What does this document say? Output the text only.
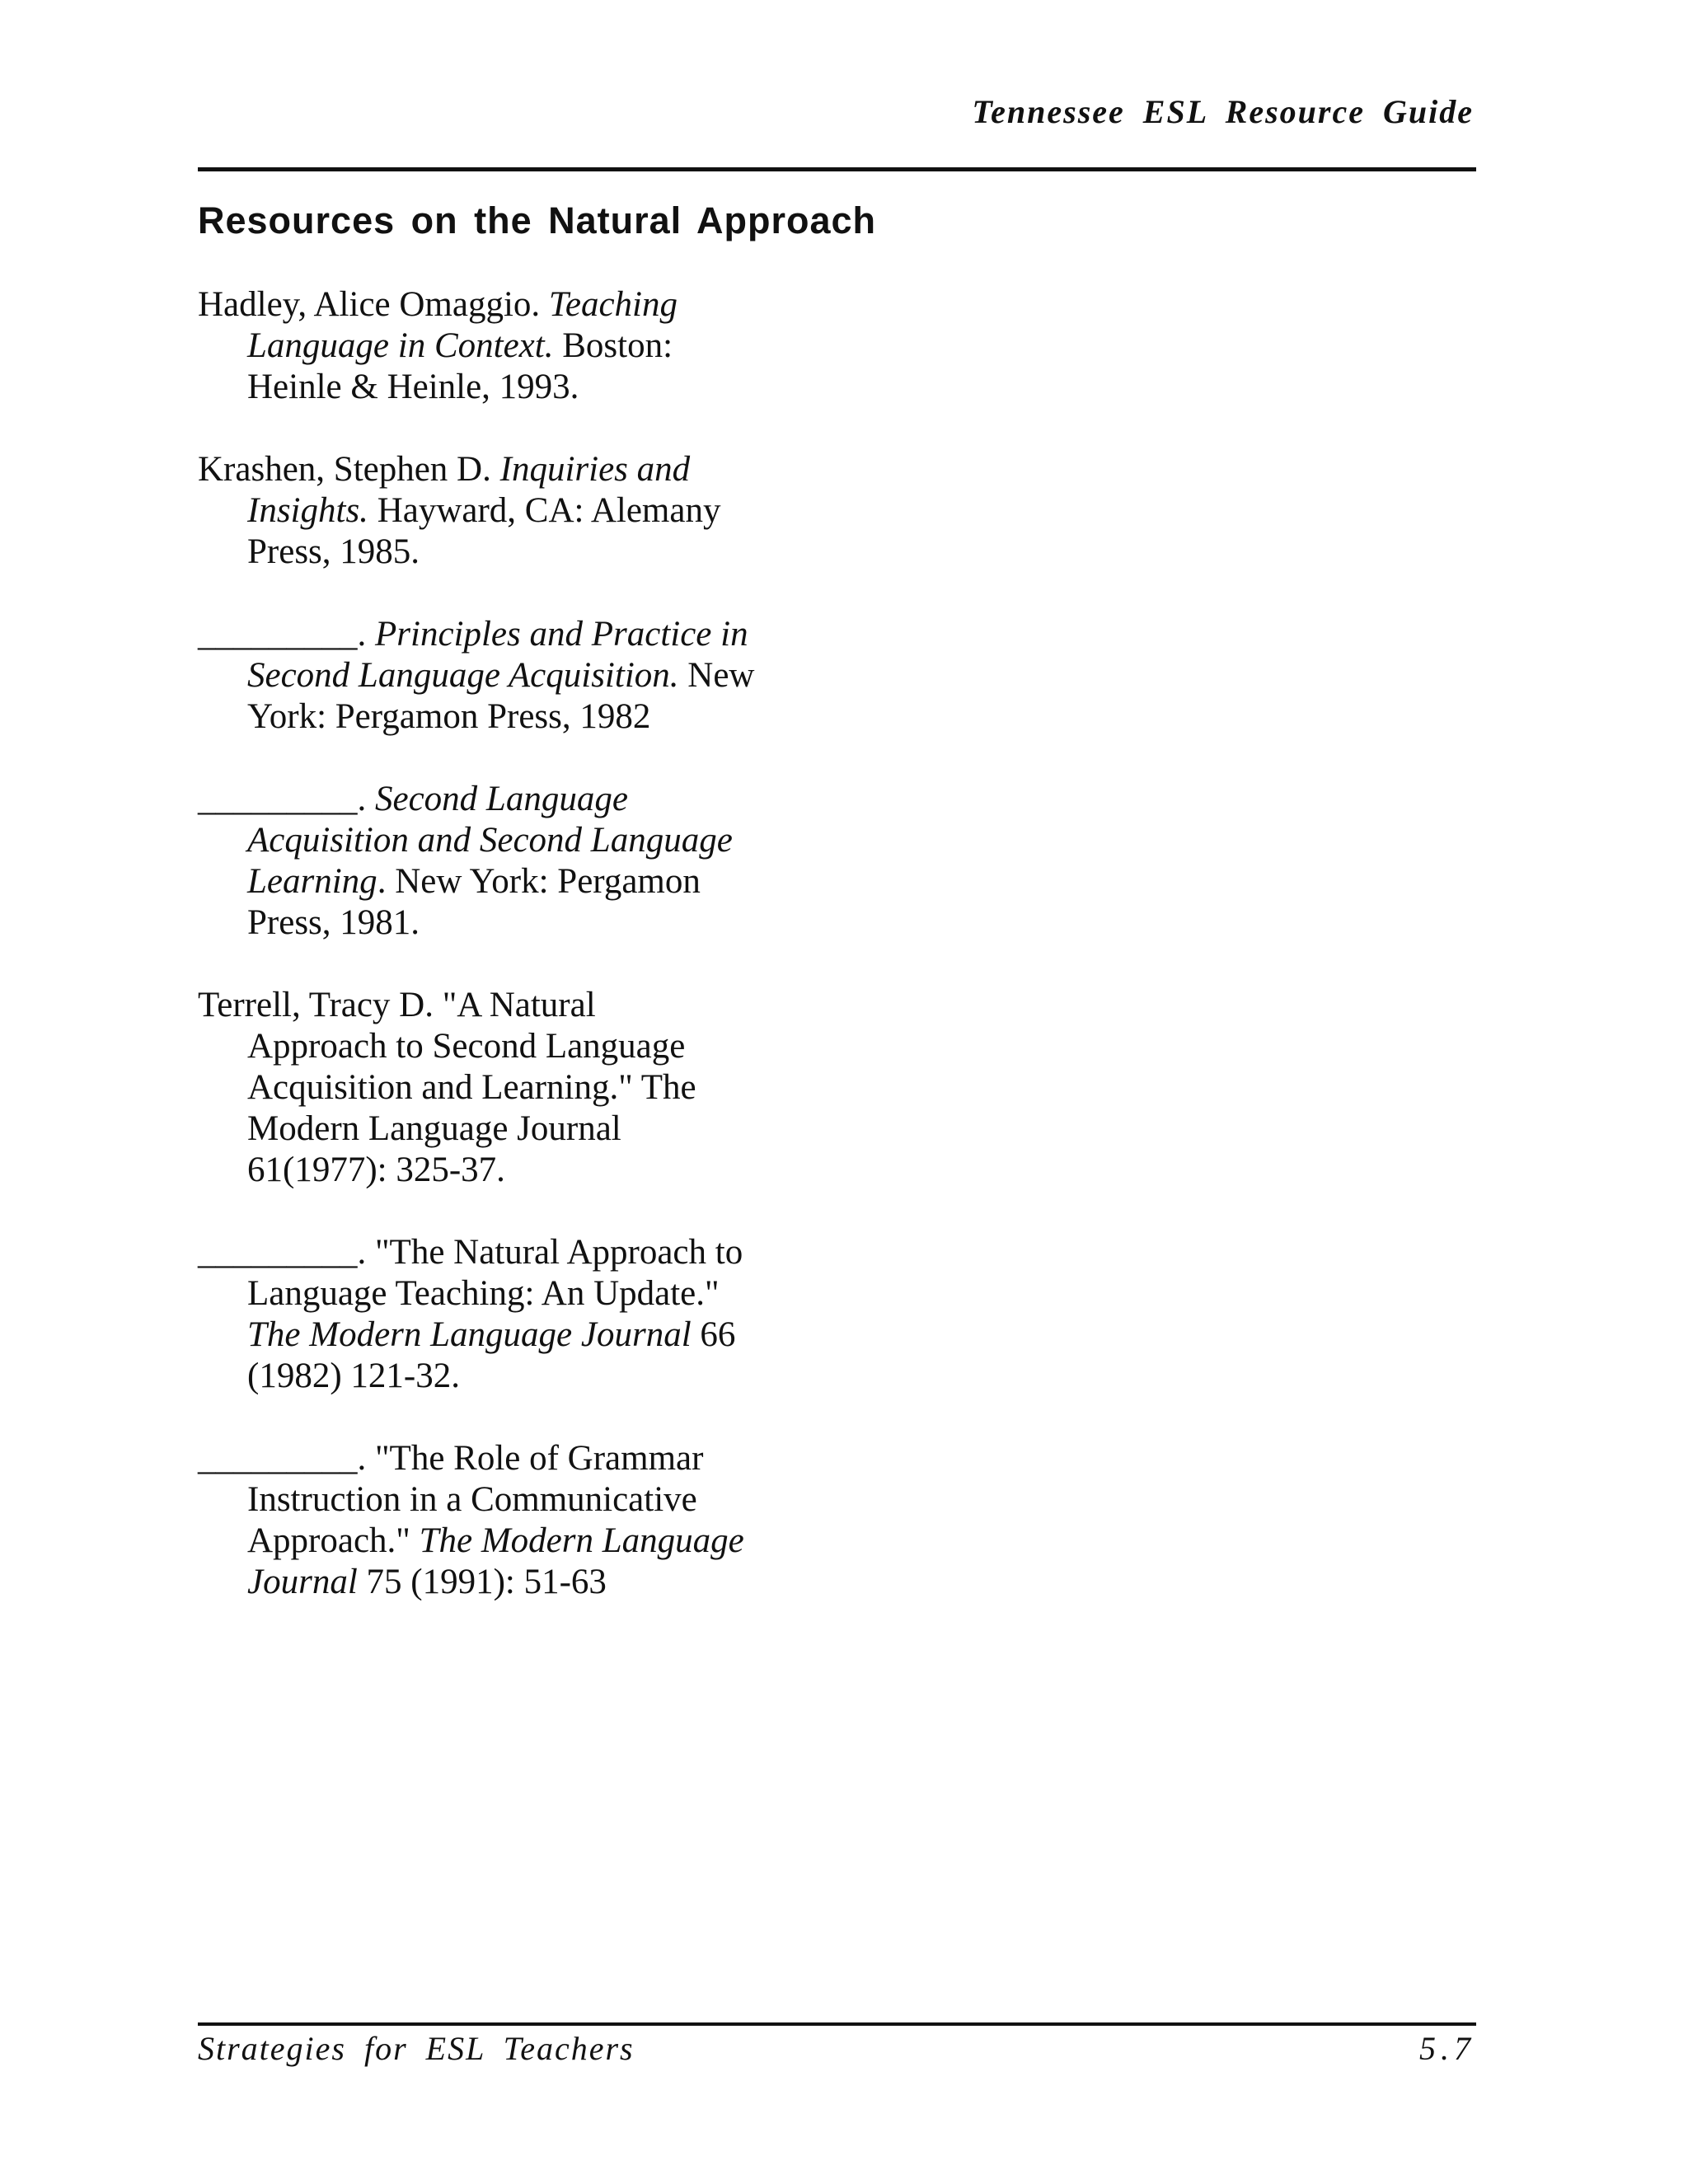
Tennessee ESL Resource Guide
Resources on the Natural Approach
Hadley, Alice Omaggio. Teaching
Language in Context. Boston:
Heinle & Heinle, 1993.
Krashen, Stephen D. Inquiries and
Insights. Hayward, CA: Alemany
Press, 1985.
_________. Principles and Practice in
Second Language Acquisition. New
York: Pergamon Press, 1982
_________. Second Language
Acquisition and Second Language
Learning. New York: Pergamon
Press, 1981.
Terrell, Tracy D. "A Natural
Approach to Second Language
Acquisition and Learning." The
Modern Language Journal
61(1977): 325-37.
_________. "The Natural Approach to
Language Teaching: An Update."
The Modern Language Journal 66
(1982) 121-32.
_________. "The Role of Grammar
Instruction in a Communicative
Approach." The Modern Language
Journal 75 (1991): 51-63
Strategies for ESL Teachers	5.7
